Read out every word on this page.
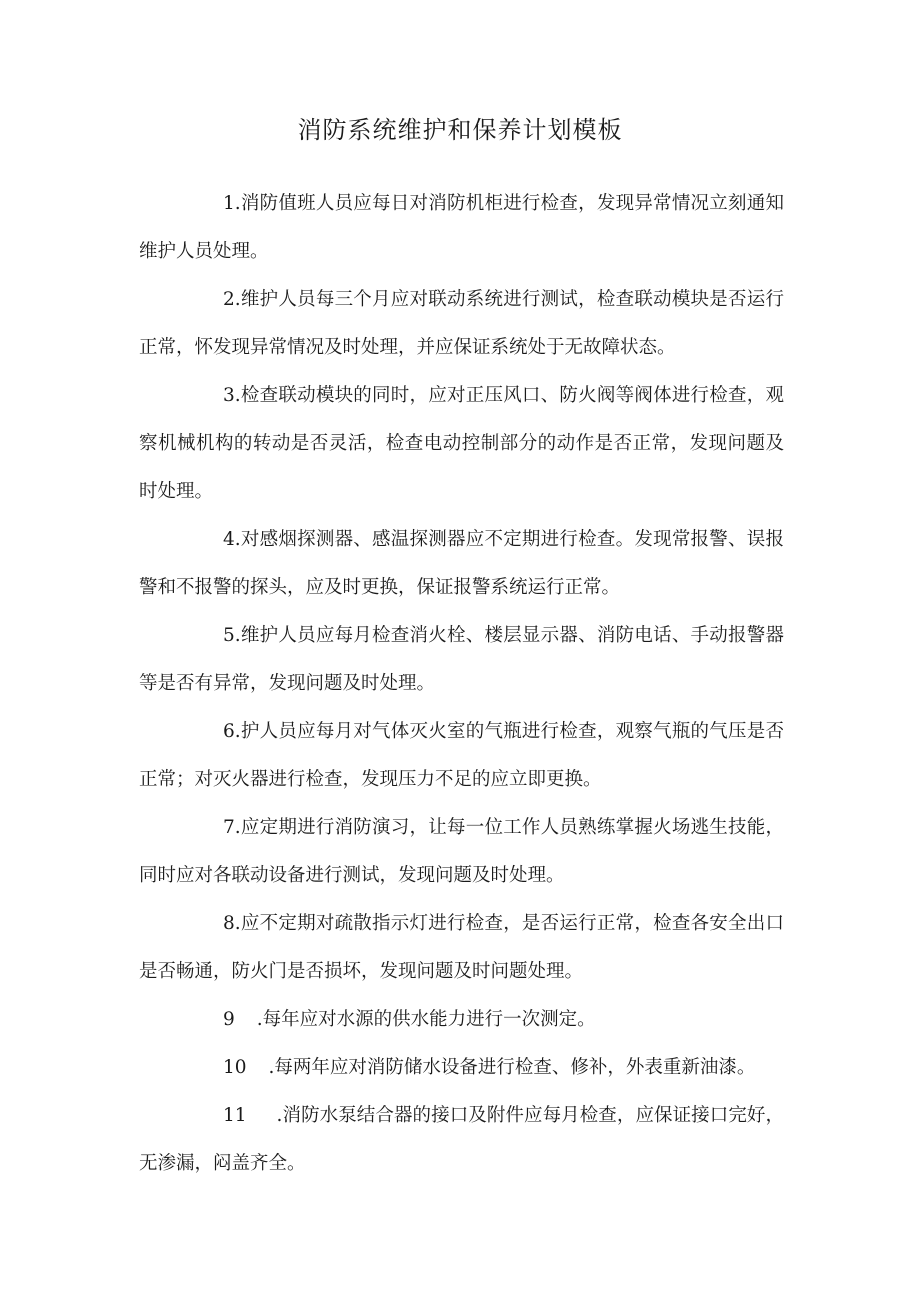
消防系统维护和保养计划模板

1.消防值班人员应每日对消防机柜进行检查，发现异常情况立刻通知维护人员处理。

2.维护人员每三个月应对联动系统进行测试，检查联动模块是否运行正常，怀发现异常情况及时处理，并应保证系统处于无故障状态。

3.检查联动模块的同时，应对正压风口、防火阀等阀体进行检查，观察机械机构的转动是否灵活，检查电动控制部分的动作是否正常，发现问题及时处理。

4.对感烟探测器、感温探测器应不定期进行检查。发现常报警、误报警和不报警的探头，应及时更换，保证报警系统运行正常。

5.维护人员应每月检查消火栓、楼层显示器、消防电话、手动报警器等是否有异常，发现问题及时处理。

6.护人员应每月对气体灭火室的气瓶进行检查，观察气瓶的气压是否正常；对灭火器进行检查，发现压力不足的应立即更换。

7.应定期进行消防演习，让每一位工作人员熟练掌握火场逃生技能，同时应对各联动设备进行测试，发现问题及时处理。

8.应不定期对疏散指示灯进行检查，是否运行正常，检查各安全出口是否畅通，防火门是否损坏，发现问题及时问题处理。

9 .每年应对水源的供水能力进行一次测定。

10 .每两年应对消防储水设备进行检查、修补，外表重新油漆。

11 .消防水泵结合器的接口及附件应每月检查，应保证接口完好，无渗漏，闷盖齐全。
